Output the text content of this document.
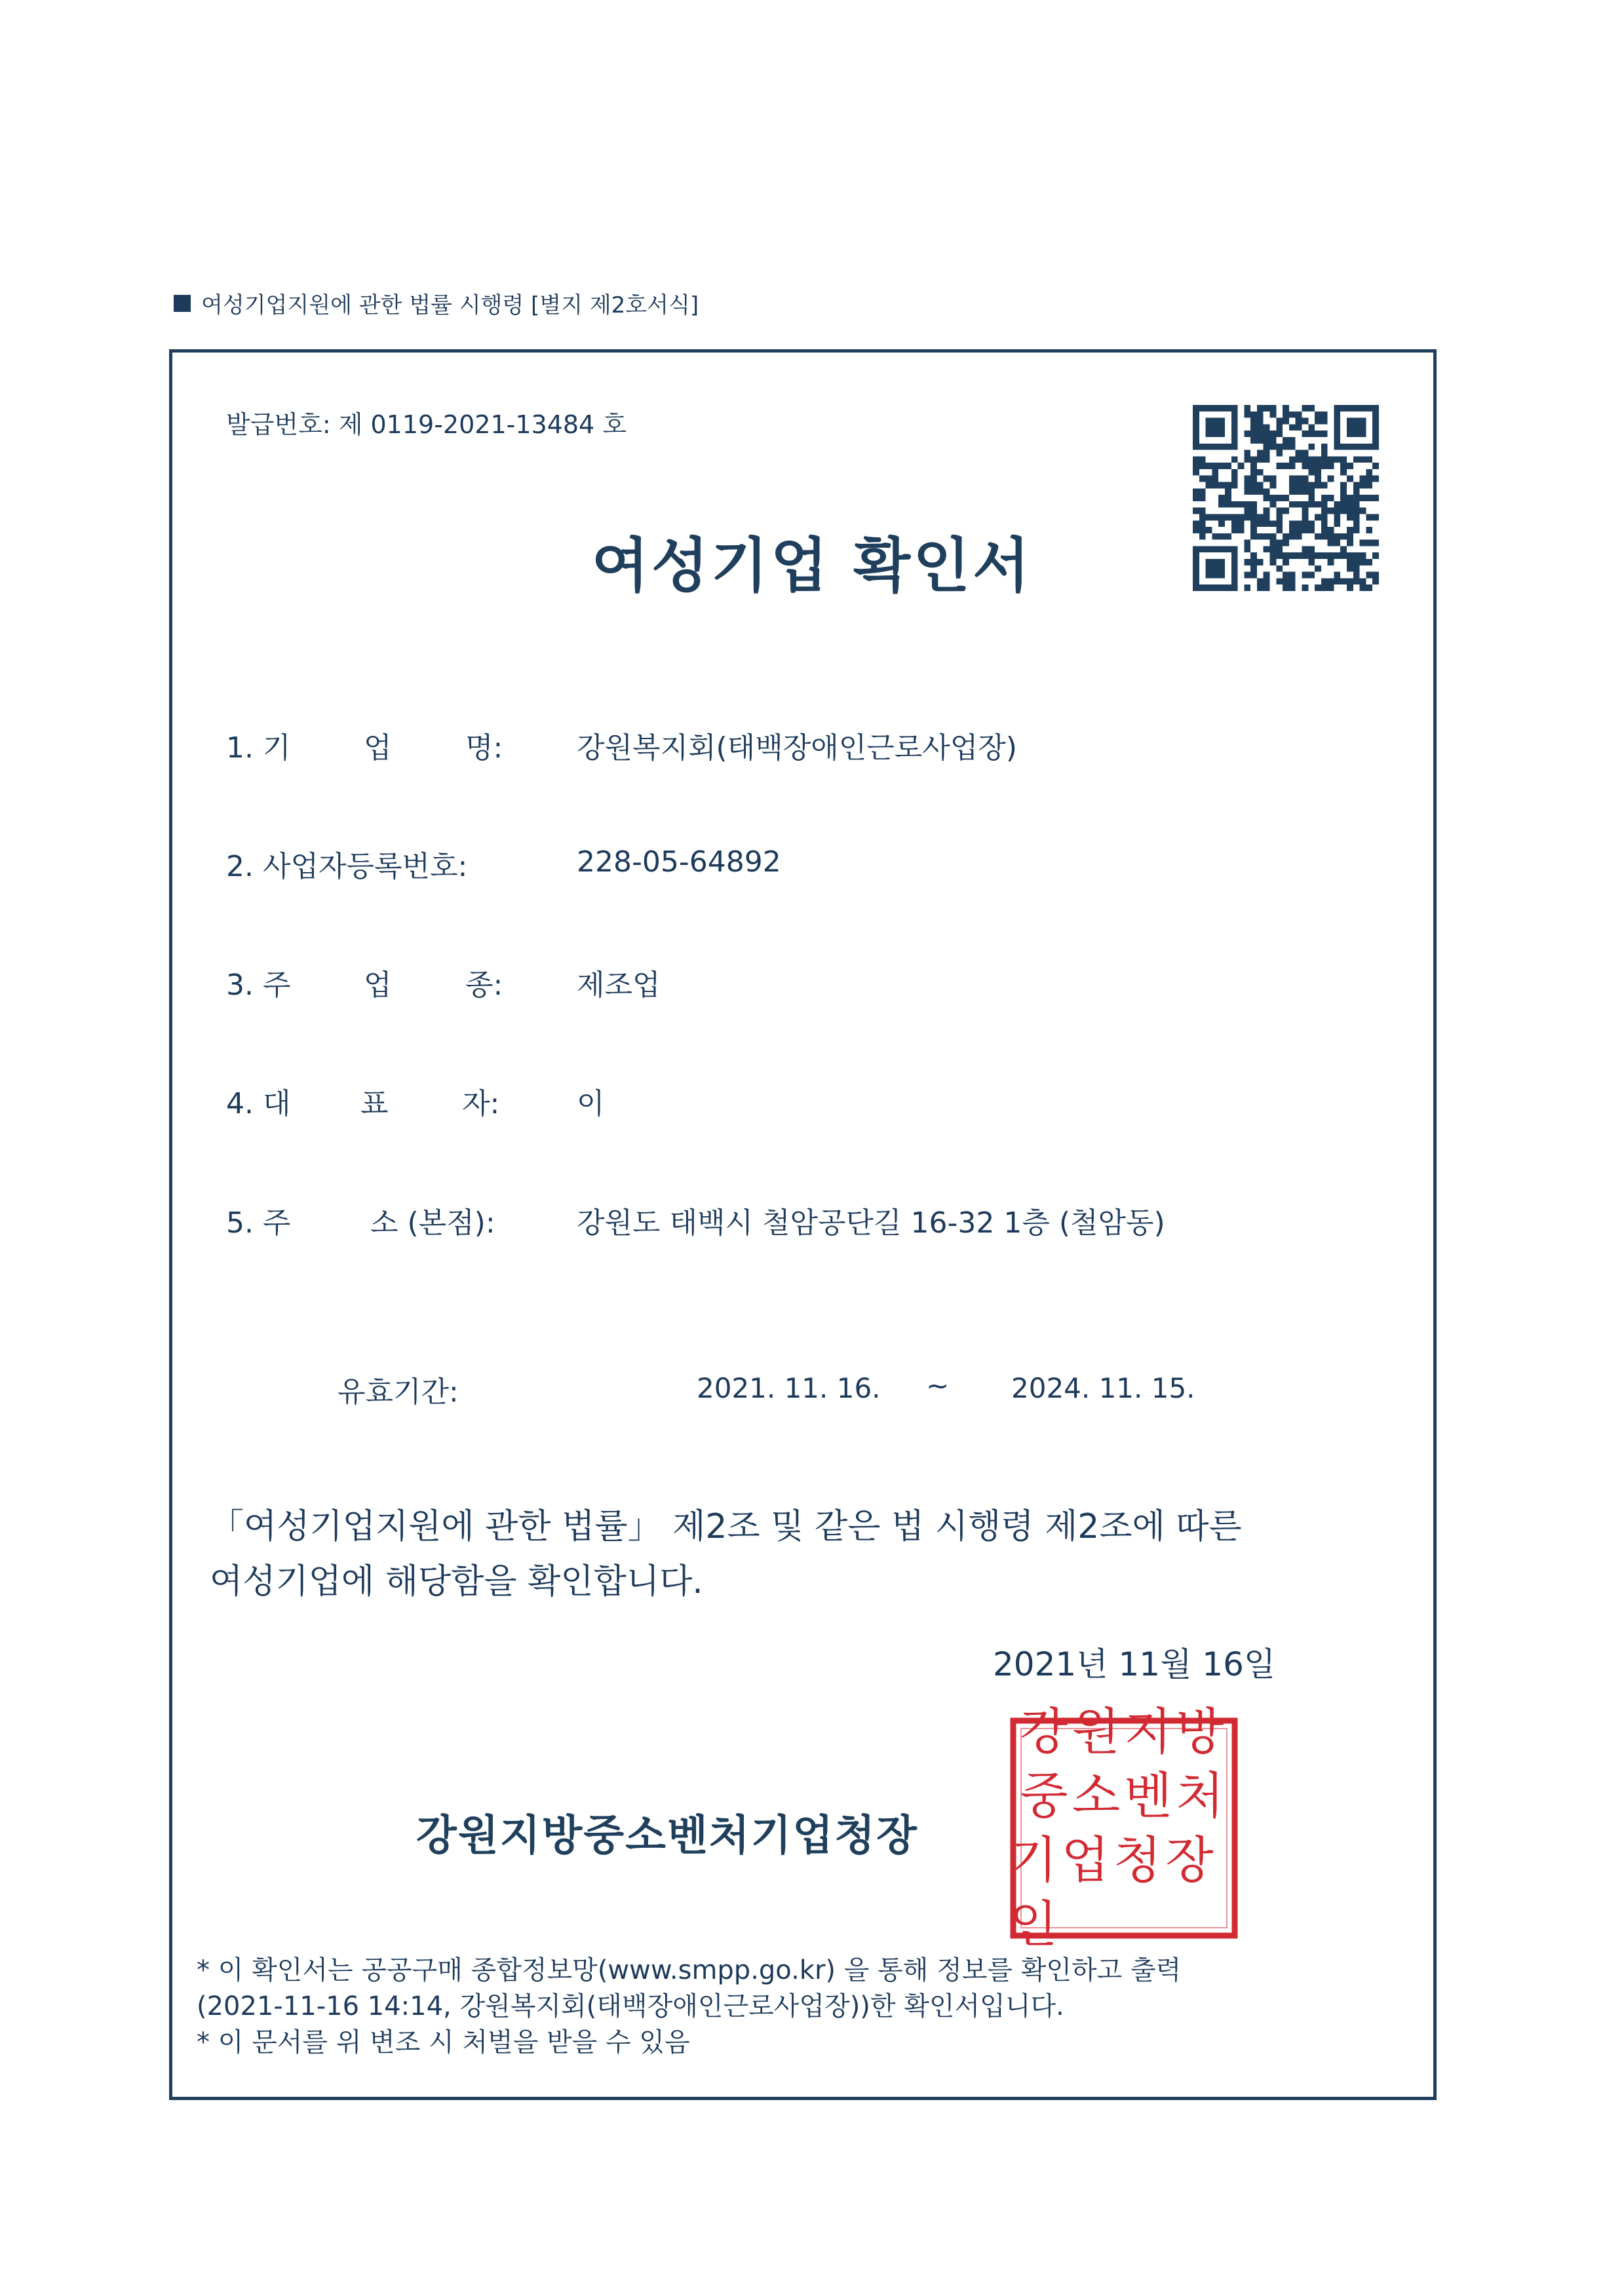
여성기업지원에 관한 법률 시행령 [별지 제2호서식]
발급번호: 제 0119-2021-13484 호
여성기업 확인서
1. 기	업	명:	강원복지회(태백장애인근로사업장)
2. 사업자등록번호:	228-05-64892
3. 주	업	종:	제조업
4. 대 표	자:	이
5. 주	소 (본점):	강원도 태백시 철암공단길 16-32 1층 (철암동)
유효기간:	2021. 11. 16. ~ 2024. 11. 15.
「여성기업지원에 관한 법률」 제2조 및 같은 법 시행령 제2조에 따른
여성기업에 해당함을 확인합니다.
2021년 11월 16일
강원지방중소벤처기업청장
강원지방
중소벤처
기업청장인
* 이 확인서는 공공구매 종합정보망(www.smpp.go.kr) 을 통해 정보를 확인하고 출력
(2021-11-16 14:14, 강원복지회(태백장애인근로사업장))한 확인서입니다.
* 이 문서를 위 변조 시 처벌을 받을 수 있음
